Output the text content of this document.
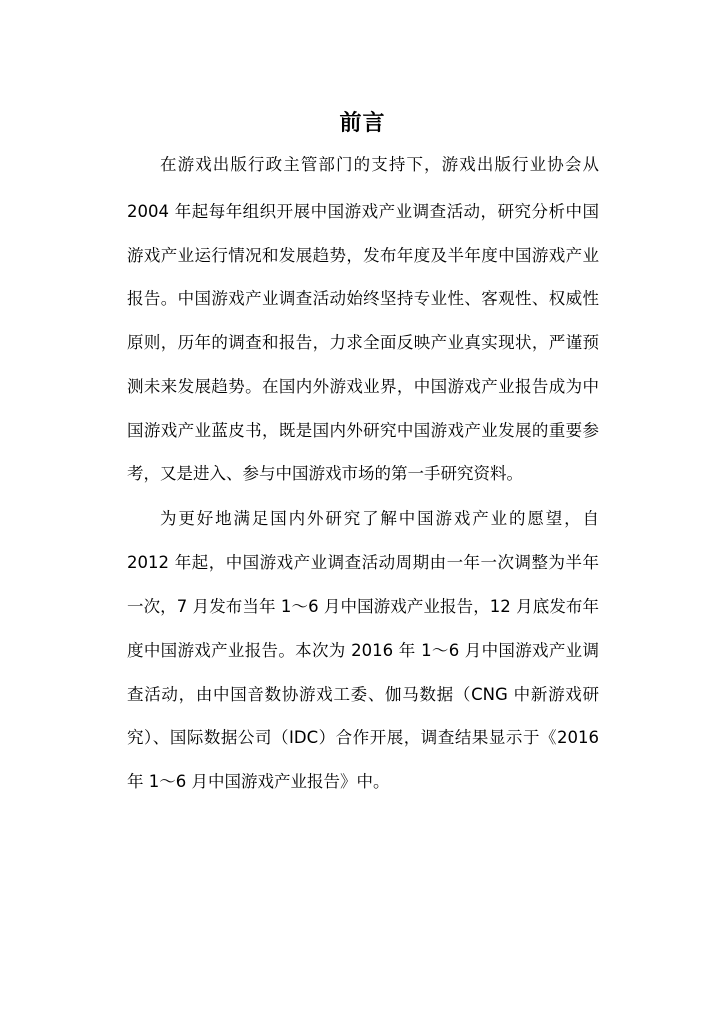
前言
在游戏出版行政主管部门的支持下，游戏出版行业协会从
2004 年起每年组织开展中国游戏产业调查活动，研究分析中国
游戏产业运行情况和发展趋势，发布年度及半年度中国游戏产业
报告。中国游戏产业调查活动始终坚持专业性、客观性、权威性
原则，历年的调查和报告，力求全面反映产业真实现状，严谨预
测未来发展趋势。在国内外游戏业界，中国游戏产业报告成为中
国游戏产业蓝皮书，既是国内外研究中国游戏产业发展的重要参
考，又是进入、参与中国游戏市场的第一手研究资料。
为更好地满足国内外研究了解中国游戏产业的愿望，自
2012 年起，中国游戏产业调查活动周期由一年一次调整为半年
一次，7 月发布当年 1～6 月中国游戏产业报告，12 月底发布年
度中国游戏产业报告。本次为 2016 年 1～6 月中国游戏产业调
查活动，由中国音数协游戏工委、伽马数据（CNG 中新游戏研
究）、国际数据公司（IDC）合作开展，调查结果显示于《2016
年 1～6 月中国游戏产业报告》中。
